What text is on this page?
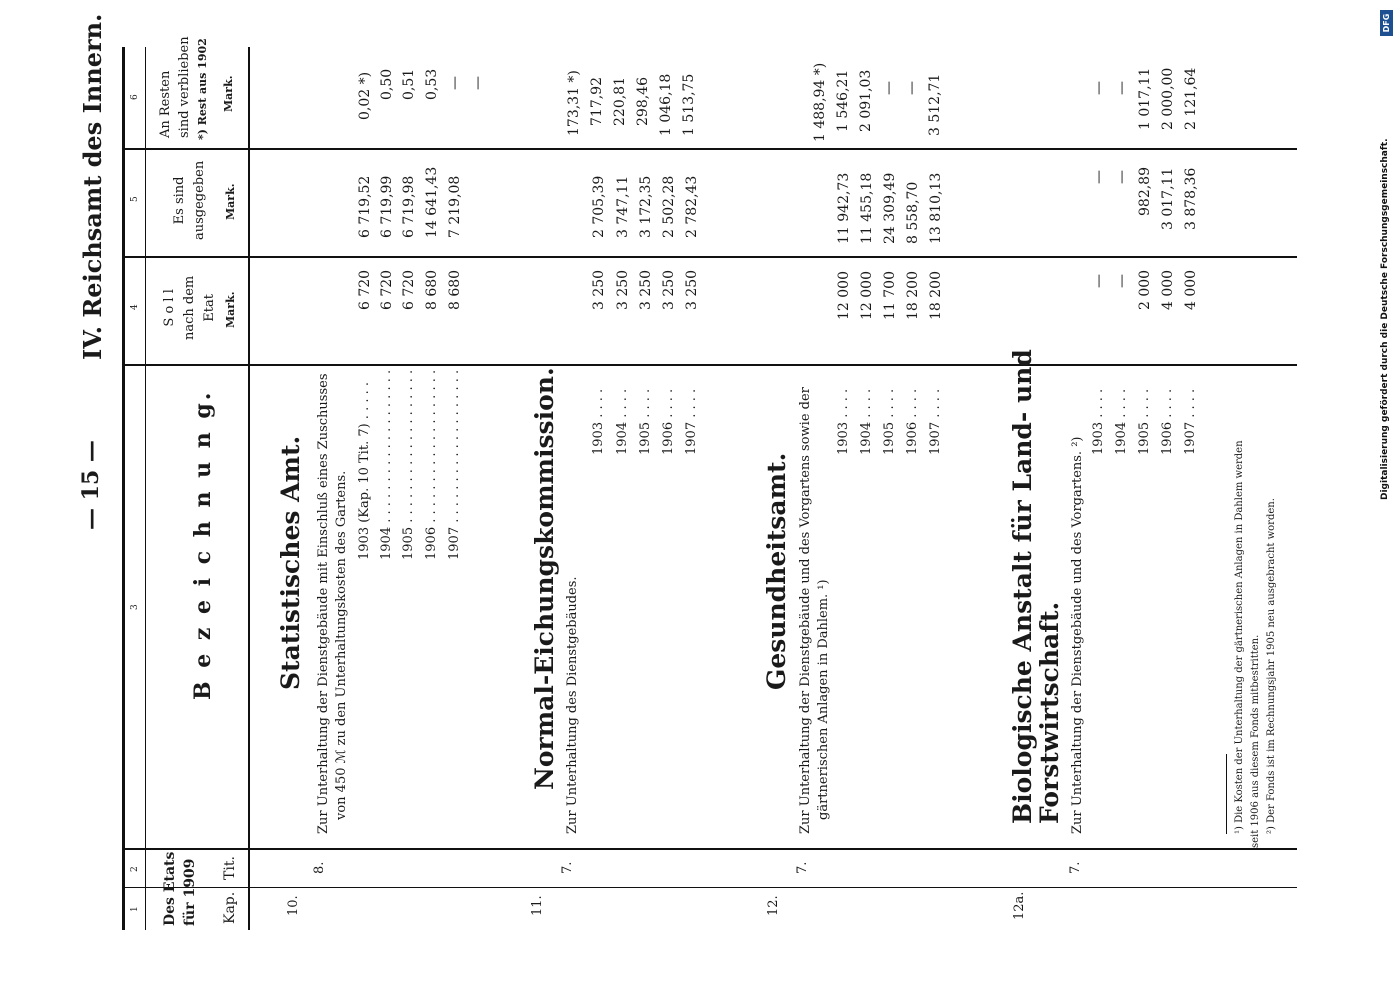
— 15 —
IV. Reichsamt des Innern.
1
2
3
4
5
6
Des Etats
für 1909
Kap.
Tit.
B e z e i c h n u n g.
S o l l
nach dem
Etat Mark.
Es sind
ausgegeben Mark.
An Resten
sind verblieben *) Rest aus 1902 Mark.
10.
8.
Statistisches Amt. Zur Unterhaltung der Dienstgebäude mit Einschluß eines Zuschusses von 450 ℳ zu den Unterhaltungskosten des Gartens. 1903 (Kap. 10 Tit. 7) . . . . . 1904 . . . . . . . . . . . . . . . . . . . 1905 . . . . . . . . . . . . . . . . . . . 1906 . . . . . . . . . . . . . . . . . . . 1907 . . . . . . . . . . . . . . . . . . .
6 720 6 720 6 720 8 680 8 680
6 719,52 6 719,99 6 719,98 14 641,43 7 219,08
0,02 *) 0,50 0,51 0,53 — —
11.
7.
Normal-Eichungskommission. Zur Unterhaltung des Dienstgebäudes.
1903 . . . . 1904 . . . . 1905 . . . . 1906 . . . . 1907 . . . .
3 250 3 250 3 250 3 250 3 250
2 705,39 3 747,11 3 172,35 2 502,28 2 782,43
173,31 *) 717,92 220,81 298,46 1 046,18 1 513,75
12.
7.
Gesundheitsamt. Zur Unterhaltung der Dienstgebäude und des Vorgartens sowie der gärtnerischen Anlagen in Dahlem. ¹)
1903 . . . . 1904 . . . . 1905 . . . . 1906 . . . . 1907 . . . .
12 000 12 000 11 700 18 200 18 200
11 942,73 11 455,18 24 309,49 8 558,70 13 810,13
1 488,94 *) 1 546,21 2 091,03 — — 3 512,71
12a.
7.
Biologische Anstalt für Land- und
Forstwirtschaft. Zur Unterhaltung der Dienstgebäude und des Vorgartens. ²)
1903 . . . . 1904 . . . . 1905 . . . . 1906 . . . . 1907 . . . .
— — 2 000 4 000 4 000
— — 982,89 3 017,11 3 878,36
— — 1 017,11 2 000,00 2 121,64
¹) Die Kosten der Unterhaltung der gärtnerischen Anlagen in Dahlem werden seit 1906 aus diesem Fonds mitbestritten. ²) Der Fonds ist im Rechnungsjahr 1905 neu ausgebracht worden.
Digitalisierung gefördert durch die Deutsche Forschungsgemeinschaft.
DFG
